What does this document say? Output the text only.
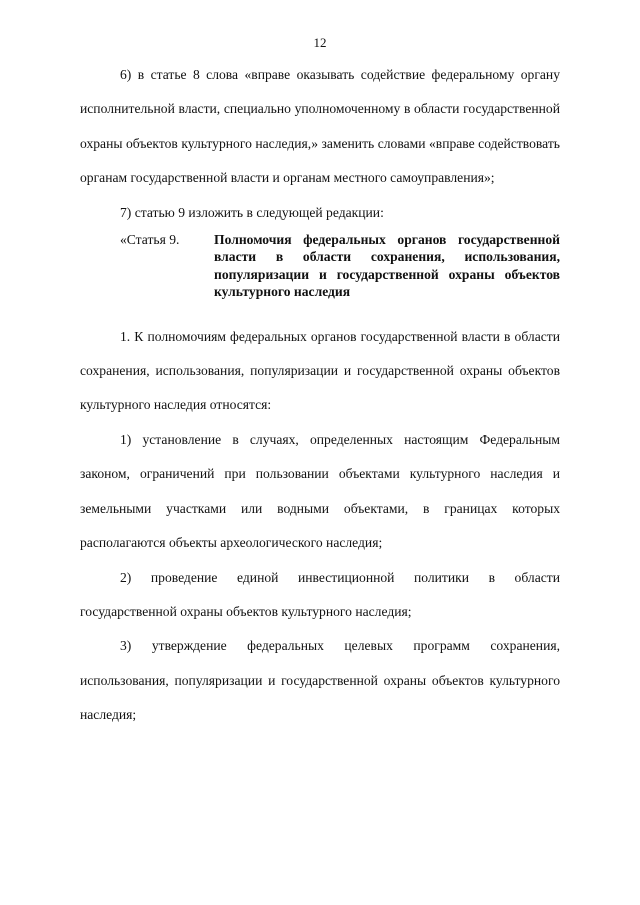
12

6) в статье 8 слова «вправе оказывать содействие федеральному органу исполнительной власти, специально уполномоченному в области государственной охраны объектов культурного наследия,» заменить словами «вправе содействовать органам государственной власти и органам местного самоуправления»;

7) статью 9 изложить в следующей редакции:

«Статья 9.	Полномочия федеральных органов государственной власти в области сохранения, использования, популяризации и государственной охраны объектов культурного наследия

1. К полномочиям федеральных органов государственной власти в области сохранения, использования, популяризации и государственной охраны объектов культурного наследия относятся:

1) установление в случаях, определенных настоящим Федеральным законом, ограничений при пользовании объектами культурного наследия и земельными участками или водными объектами, в границах которых располагаются объекты археологического наследия;

2) проведение единой инвестиционной политики в области государственной охраны объектов культурного наследия;

3) утверждение федеральных целевых программ сохранения, использования, популяризации и государственной охраны объектов культурного наследия;
